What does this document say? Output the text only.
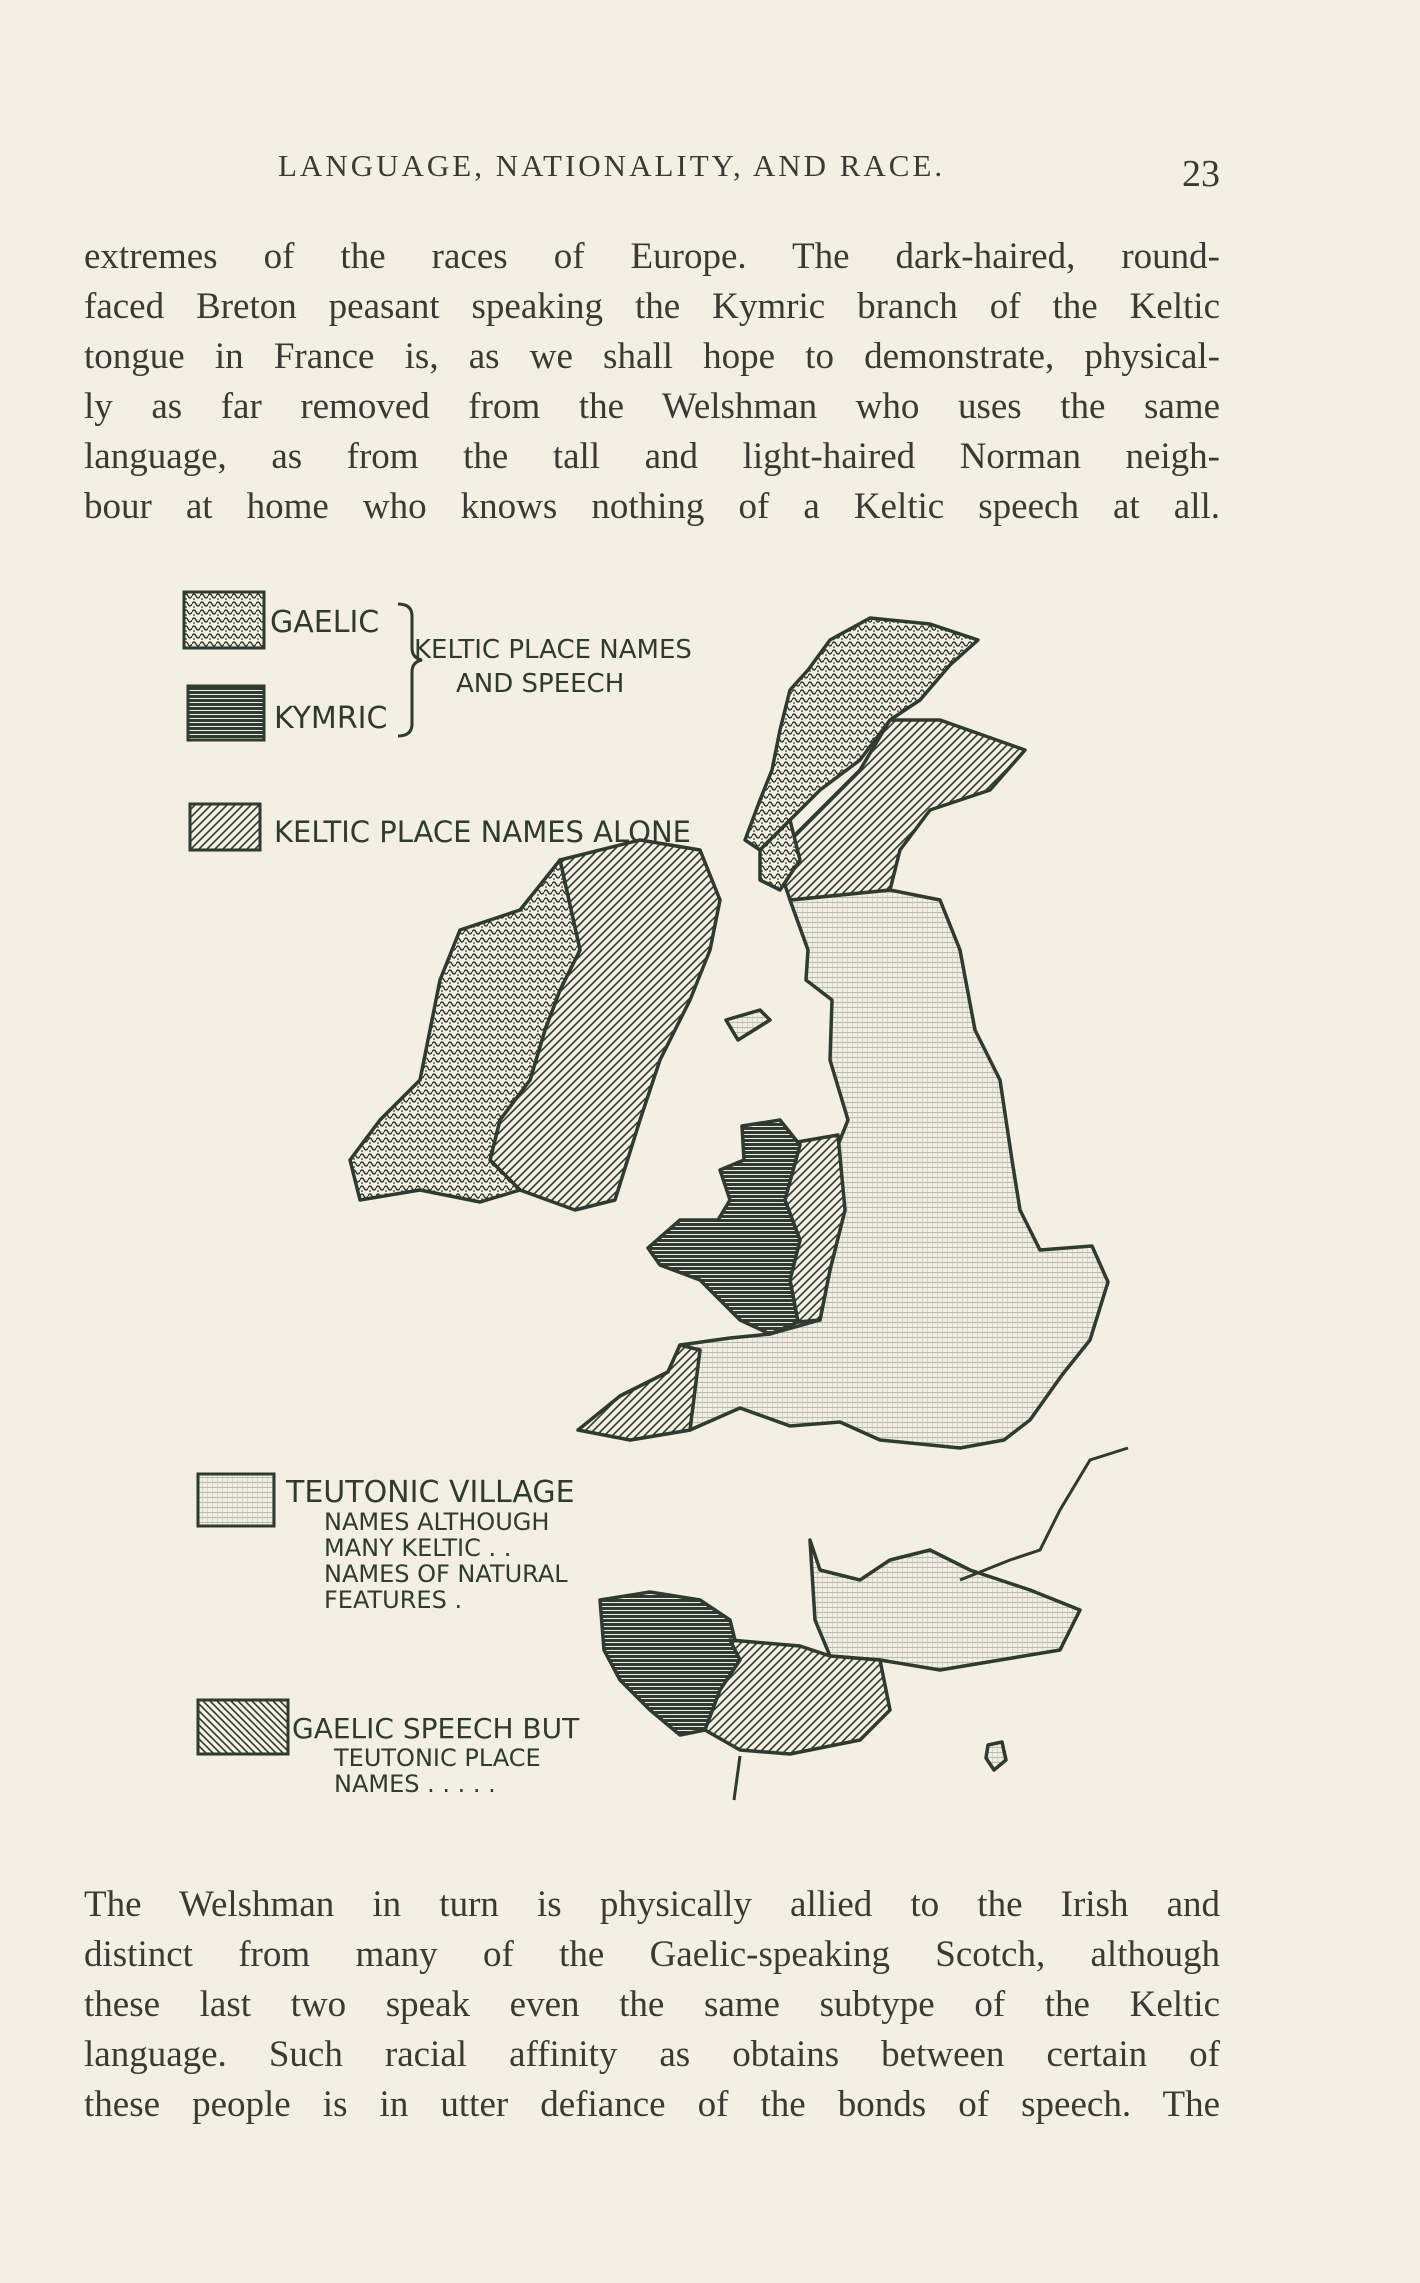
LANGUAGE, NATIONALITY, AND RACE.	23
extremes of the races of Europe. The dark-haired, round-
faced Breton peasant speaking the Kymric branch of the Keltic
tongue in France is, as we shall hope to demonstrate, physical-
ly as far removed from the Welshman who uses the same
language, as from the tall and light-haired Norman neigh-
bour at home who knows nothing of a Keltic speech at all.
GAELIC
KYMRIC
KELTIC PLACE NAMES
AND SPEECH
KELTIC PLACE NAMES ALONE
TEUTONIC VILLAGE
NAMES ALTHOUGH
MANY KELTIC . .
NAMES OF NATURAL
FEATURES .
GAELIC SPEECH BUT
TEUTONIC PLACE
NAMES . . . . .
The Welshman in turn is physically allied to the Irish and
distinct from many of the Gaelic-speaking Scotch, although
these last two speak even the same subtype of the Keltic
language. Such racial affinity as obtains between certain of
these people is in utter defiance of the bonds of speech. The
